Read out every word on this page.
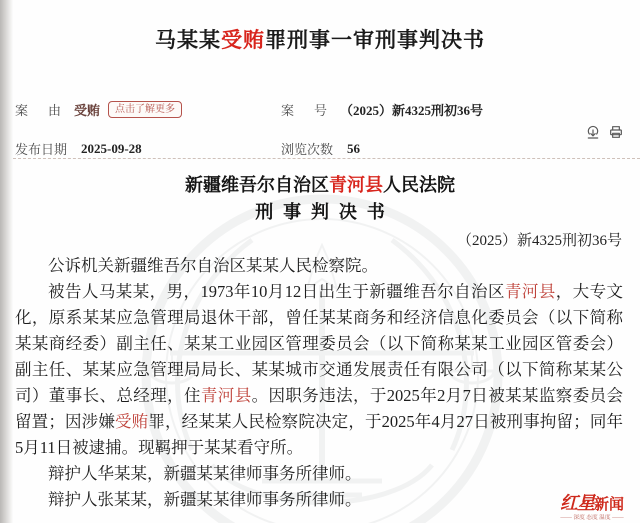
马某某受贿罪刑事一审刑事判决书
案　由 受贿	点击了解更多	案　号 （2025）新4325刑初36号
发布日期 2025-09-28	浏览次数 56
新疆维吾尔自治区青河县人民法院
刑事判决书
（2025）新4325刑初36号

公诉机关新疆维吾尔自治区某某人民检察院。

被告人马某某，男，1973年10月12日出生于新疆维吾尔自治区青河县，大专文化，原系某某应急管理局退休干部，曾任某某商务和经济信息化委员会（以下简称某某商经委）副主任、某某工业园区管理委员会（以下简称某某工业园区管委会）副主任、某某应急管理局局长、某某城市交通发展责任有限公司（以下简称某某公司）董事长、总经理，住青河县。因职务违法，于2025年2月7日被某某监察委员会留置；因涉嫌受贿罪，经某某人民检察院决定，于2025年4月27日被刑事拘留；同年5月11日被逮捕。现羁押于某某看守所。

辩护人华某某，新疆某某律师事务所律师。

辩护人张某某，新疆某某律师事务所律师。	红星新闻
—— 深度 态度 温度 ——
